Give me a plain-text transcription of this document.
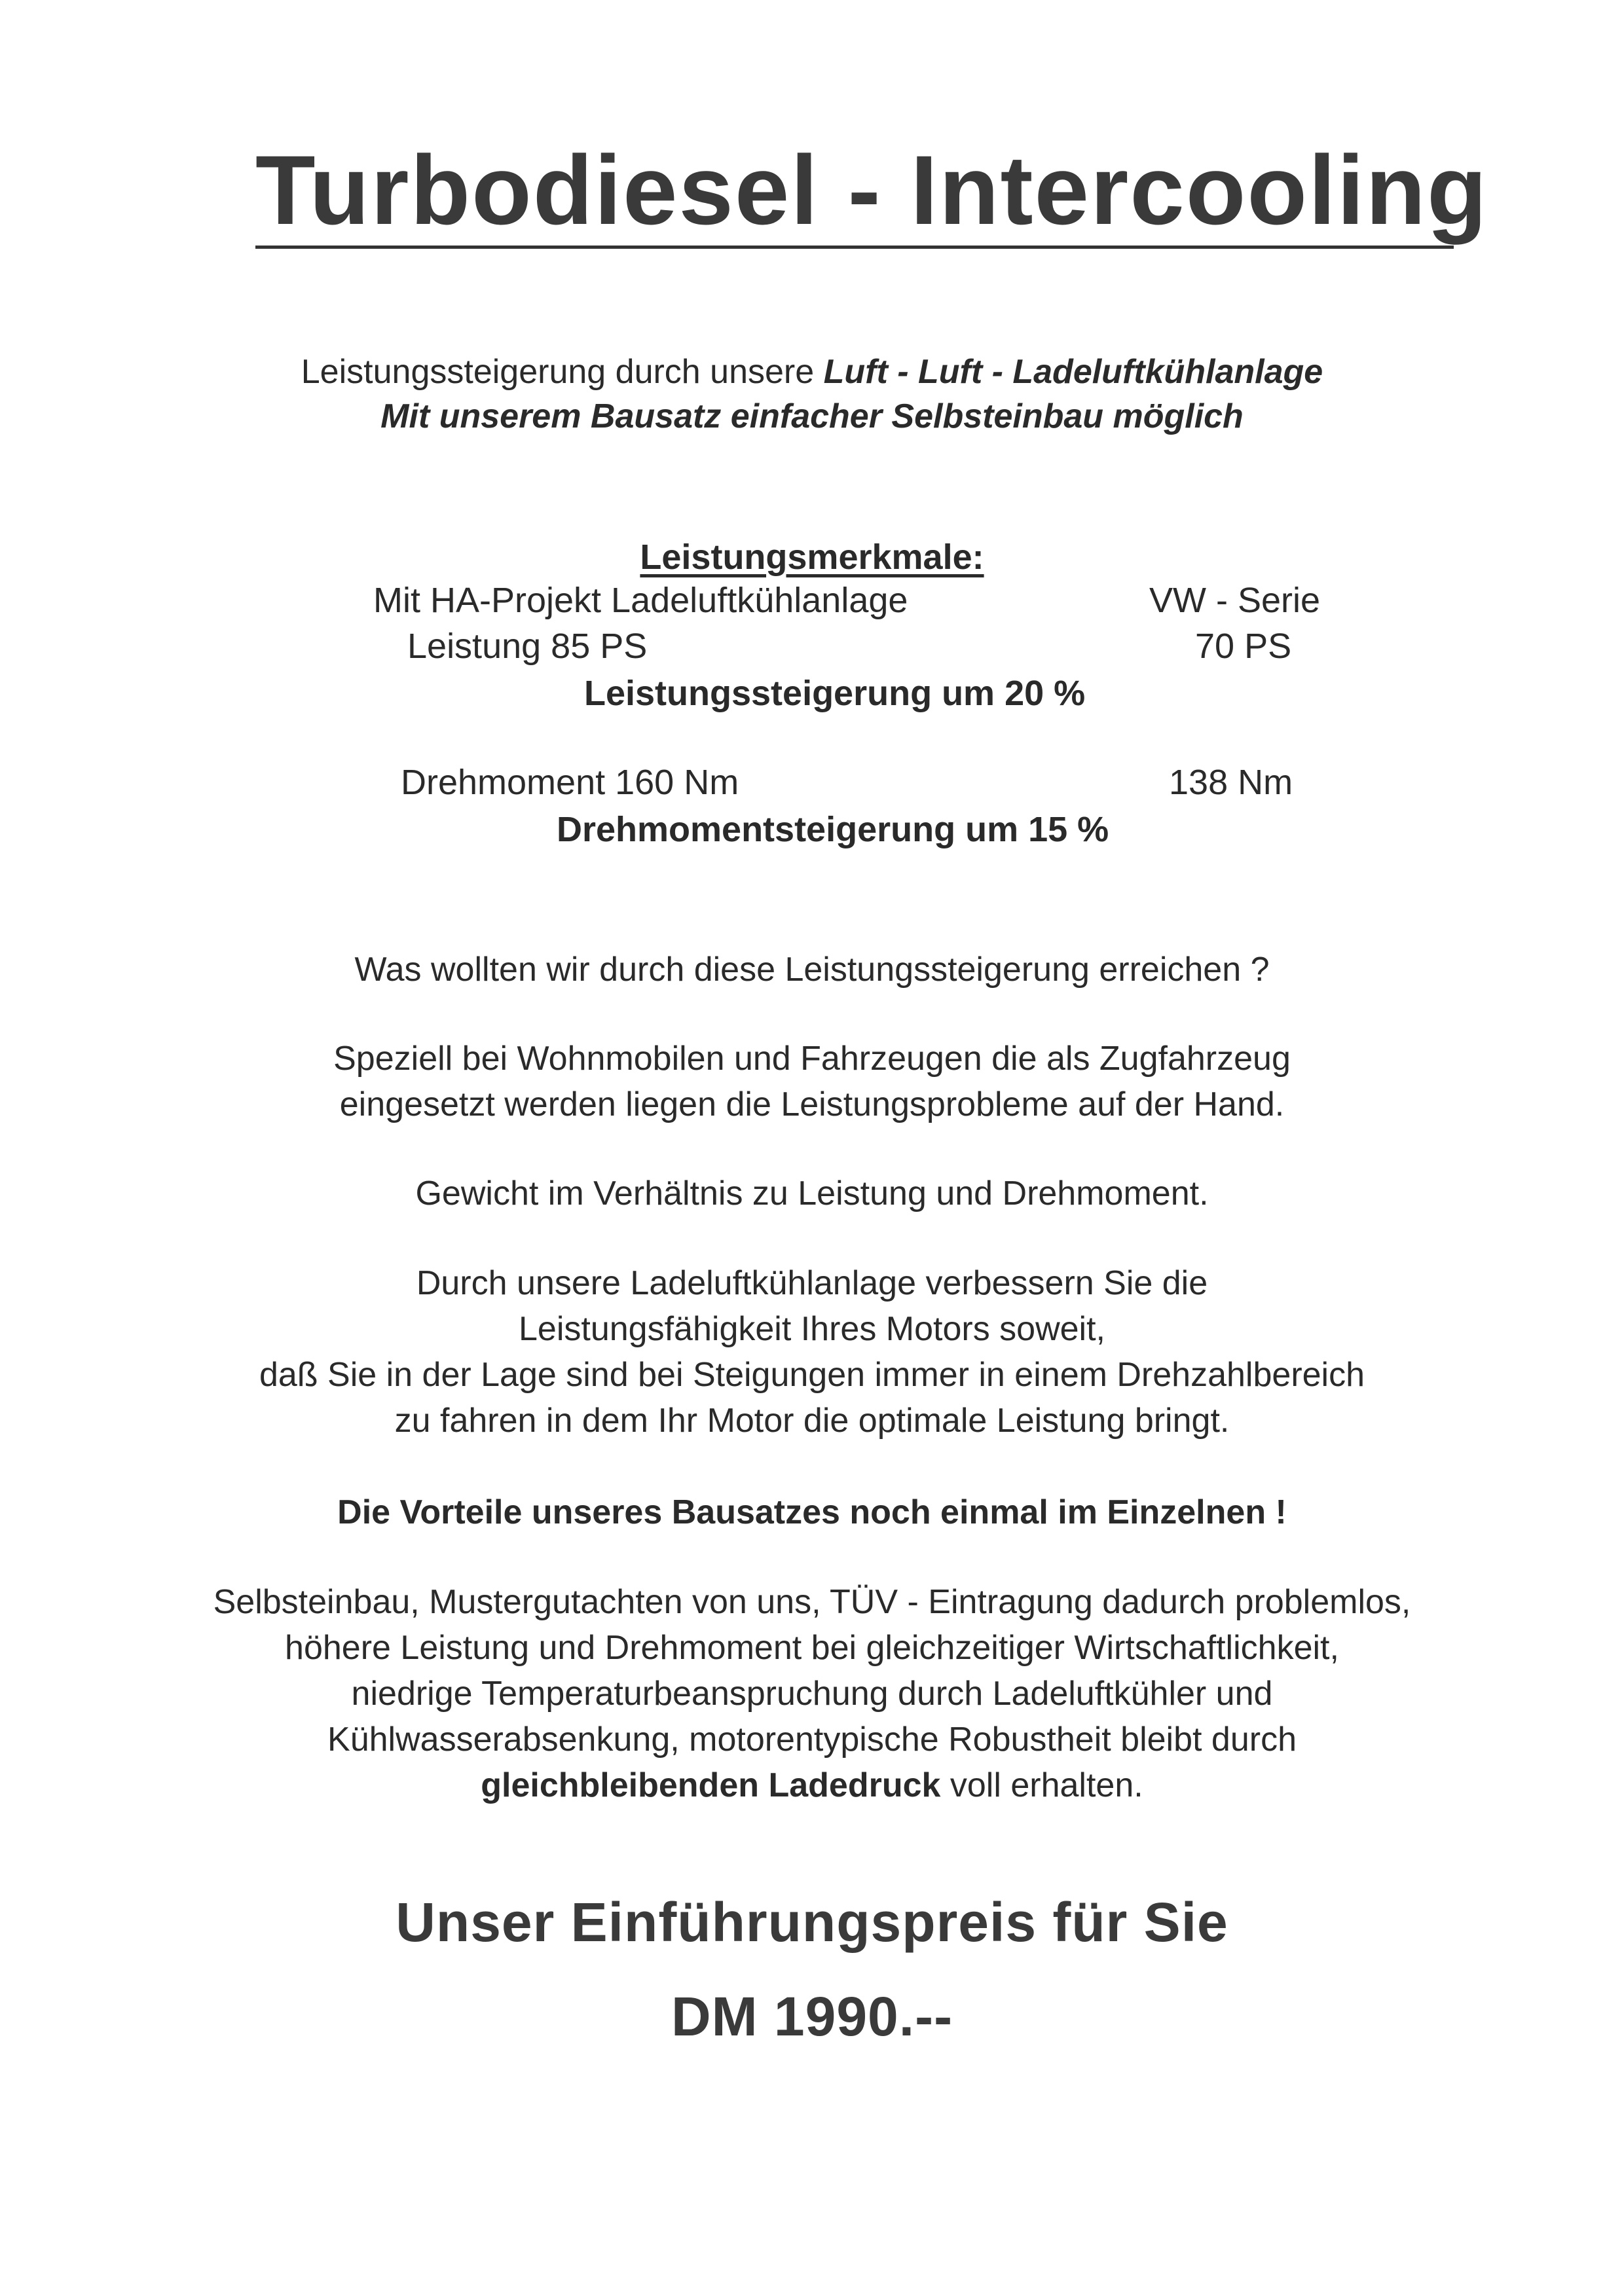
Turbodiesel - Intercooling
Leistungssteigerung durch unsere Luft - Luft - Ladeluftkühlanlage
Mit unserem Bausatz einfacher Selbsteinbau möglich
Leistungsmerkmale:
Mit HA-Projekt Ladeluftkühlanlage	VW - Serie
Leistung 85 PS	70 PS
Leistungssteigerung um 20 %
Drehmoment 160 Nm	138 Nm
Drehmomentsteigerung um 15 %
Was wollten wir durch diese Leistungssteigerung erreichen ?
Speziell bei Wohnmobilen und Fahrzeugen die als Zugfahrzeug
eingesetzt werden liegen die Leistungsprobleme auf der Hand.
Gewicht im Verhältnis zu Leistung und Drehmoment.
Durch unsere Ladeluftkühlanlage verbessern Sie die
Leistungsfähigkeit Ihres Motors soweit,
daß Sie in der Lage sind bei Steigungen immer in einem Drehzahlbereich
zu fahren in dem Ihr Motor die optimale Leistung bringt.
Die Vorteile unseres Bausatzes noch einmal im Einzelnen !
Selbsteinbau, Mustergutachten von uns, TÜV - Eintragung dadurch problemlos,
höhere Leistung und Drehmoment bei gleichzeitiger Wirtschaftlichkeit,
niedrige Temperaturbeanspruchung durch Ladeluftkühler und
Kühlwasserabsenkung, motorentypische Robustheit bleibt durch
gleichbleibenden Ladedruck voll erhalten.
Unser Einführungspreis für Sie
DM 1990.--
